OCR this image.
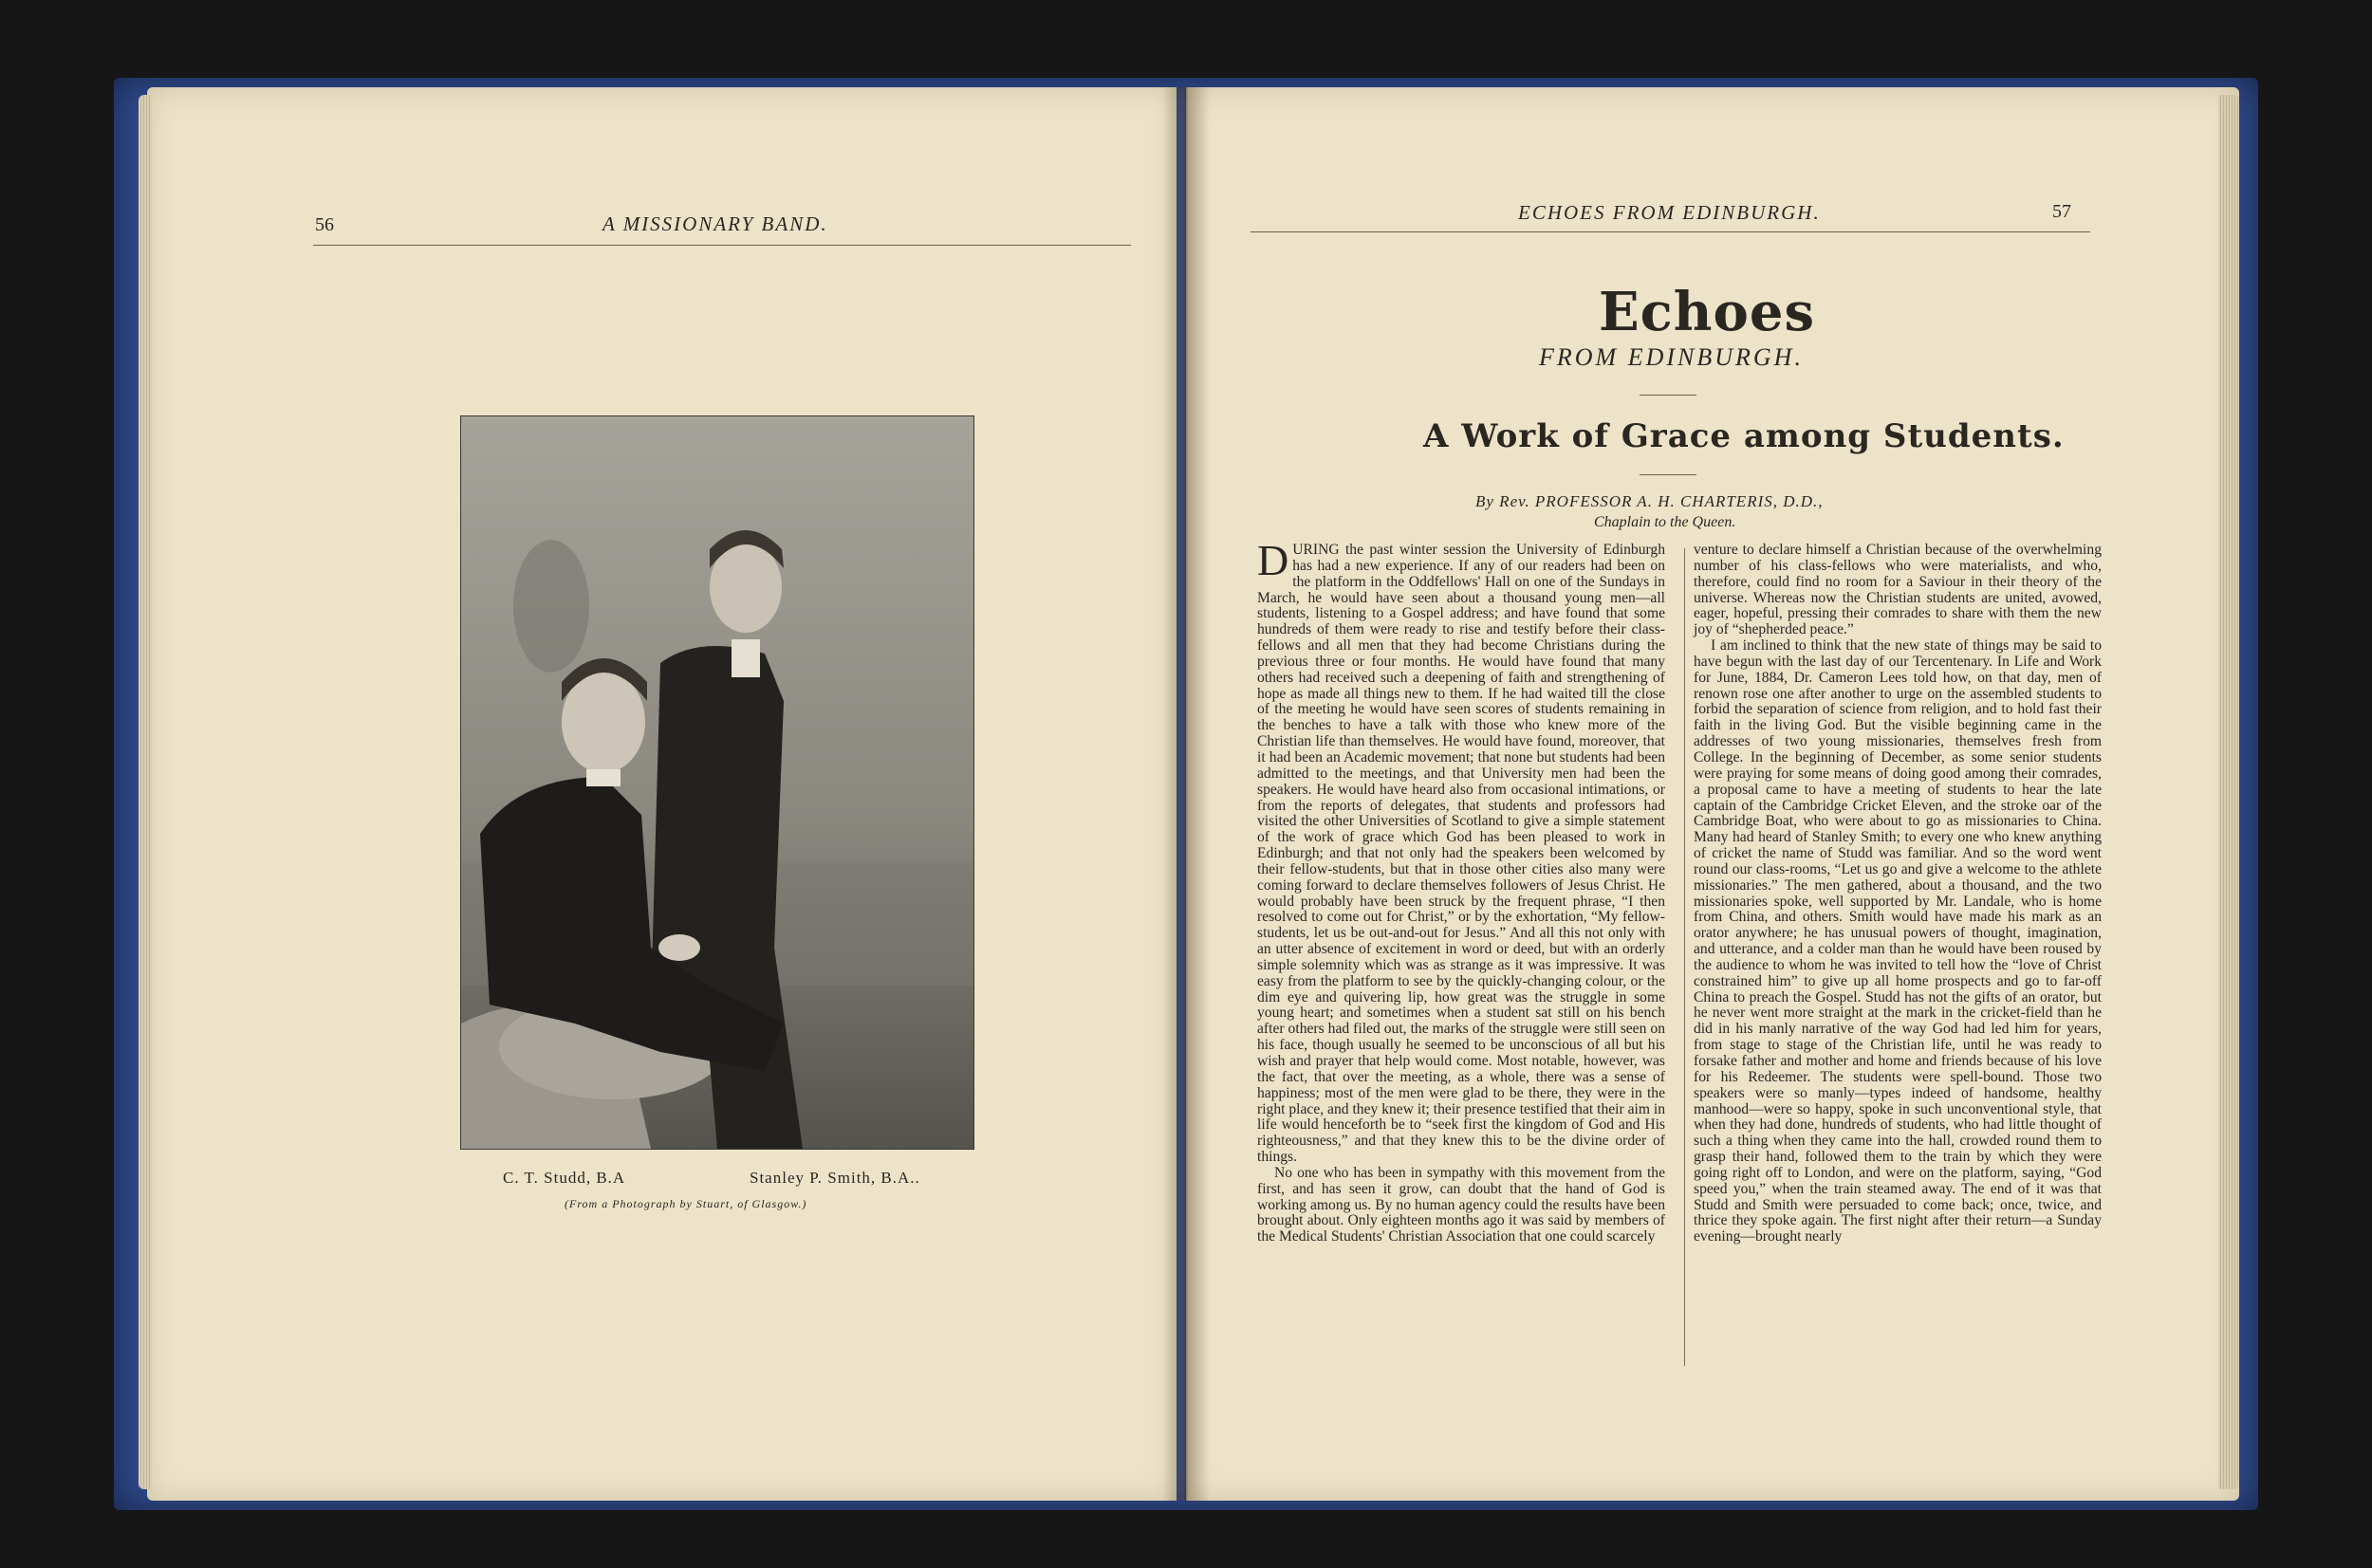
56	A MISSIONARY BAND.
C. T. Studd, B.A	Stanley P. Smith, B.A..
(From a Photograph by Stuart, of Glasgow.)
ECHOES FROM EDINBURGH.	57
Echoes
FROM EDINBURGH.
A Work of Grace among Students.
By Rev. PROFESSOR A. H. CHARTERIS, D.D.,
Chaplain to the Queen.

DURING the past winter session the University of Edinburgh has had a new experience. If any of our readers had been on the platform in the Oddfellows' Hall on one of the Sundays in March, he would have seen about a thousand young men—all students, listening to a Gospel address; and have found that some hundreds of them were ready to rise and testify before their class-fellows and all men that they had become Christians during the previous three or four months. He would have found that many others had received such a deepening of faith and strengthening of hope as made all things new to them. If he had waited till the close of the meeting he would have seen scores of students remaining in the benches to have a talk with those who knew more of the Christian life than themselves. He would have found, moreover, that it had been an Academic movement; that none but students had been admitted to the meetings, and that University men had been the speakers. He would have heard also from occasional intimations, or from the reports of delegates, that students and professors had visited the other Universities of Scotland to give a simple statement of the work of grace which God has been pleased to work in Edinburgh; and that not only had the speakers been welcomed by their fellow-students, but that in those other cities also many were coming forward to declare themselves followers of Jesus Christ. He would probably have been struck by the frequent phrase, “I then resolved to come out for Christ,” or by the exhortation, “My fellow-students, let us be out-and-out for Jesus.” And all this not only with an utter absence of excitement in word or deed, but with an orderly simple solemnity which was as strange as it was impressive. It was easy from the platform to see by the quickly-changing colour, or the dim eye and quivering lip, how great was the struggle in some young heart; and sometimes when a student sat still on his bench after others had filed out, the marks of the struggle were still seen on his face, though usually he seemed to be unconscious of all but his wish and prayer that help would come. Most notable, however, was the fact, that over the meeting, as a whole, there was a sense of happiness; most of the men were glad to be there, they were in the right place, and they knew it; their presence testified that their aim in life would henceforth be to “seek first the kingdom of God and His righteousness,” and that they knew this to be the divine order of things.

No one who has been in sympathy with this movement from the first, and has seen it grow, can doubt that the hand of God is working among us. By no human agency could the results have been brought about. Only eighteen months ago it was said by members of the Medical Students' Christian Association that one could scarcely

venture to declare himself a Christian because of the overwhelming number of his class-fellows who were materialists, and who, therefore, could find no room for a Saviour in their theory of the universe. Whereas now the Christian students are united, avowed, eager, hopeful, pressing their comrades to share with them the new joy of “shepherded peace.”

I am inclined to think that the new state of things may be said to have begun with the last day of our Tercentenary. In Life and Work for June, 1884, Dr. Cameron Lees told how, on that day, men of renown rose one after another to urge on the assembled students to forbid the separation of science from religion, and to hold fast their faith in the living God. But the visible beginning came in the addresses of two young missionaries, themselves fresh from College. In the beginning of December, as some senior students were praying for some means of doing good among their comrades, a proposal came to have a meeting of students to hear the late captain of the Cambridge Cricket Eleven, and the stroke oar of the Cambridge Boat, who were about to go as missionaries to China. Many had heard of Stanley Smith; to every one who knew anything of cricket the name of Studd was familiar. And so the word went round our class-rooms, “Let us go and give a welcome to the athlete missionaries.” The men gathered, about a thousand, and the two missionaries spoke, well supported by Mr. Landale, who is home from China, and others. Smith would have made his mark as an orator anywhere; he has unusual powers of thought, imagination, and utterance, and a colder man than he would have been roused by the audience to whom he was invited to tell how the “love of Christ constrained him” to give up all home prospects and go to far-off China to preach the Gospel. Studd has not the gifts of an orator, but he never went more straight at the mark in the cricket-field than he did in his manly narrative of the way God had led him for years, from stage to stage of the Christian life, until he was ready to forsake father and mother and home and friends because of his love for his Redeemer. The students were spell-bound. Those two speakers were so manly—types indeed of handsome, healthy manhood—were so happy, spoke in such unconventional style, that when they had done, hundreds of students, who had little thought of such a thing when they came into the hall, crowded round them to grasp their hand, followed them to the train by which they were going right off to London, and were on the platform, saying, “God speed you,” when the train steamed away. The end of it was that Studd and Smith were persuaded to come back; once, twice, and thrice they spoke again. The first night after their return—a Sunday evening—brought nearly
